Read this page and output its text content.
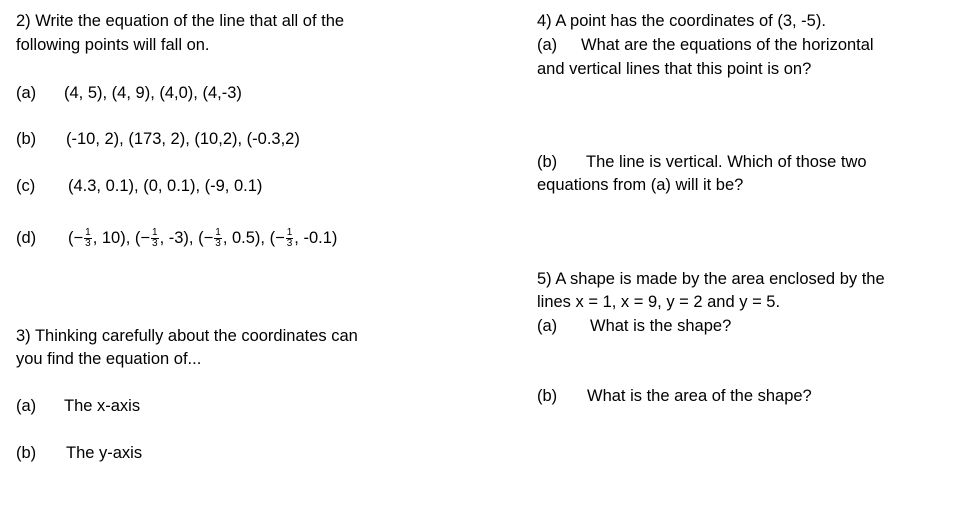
2) Write the equation of the line that all of the
following points will fall on.
(a) (4, 5), (4, 9), (4,0), (4,-3)
(b) (-10, 2), (173, 2), (10,2), (-0.3,2)
(c) (4.3, 0.1), (0, 0.1), (-9, 0.1)
(d) (− $\frac{1}{3}$ , 10), (− $\frac{1}{3}$ , -3), (− $\frac{1}{3}$ , 0.5), (− $\frac{1}{3}$ , -0.1)
3) Thinking carefully about the coordinates can
you find the equation of...
(a) The x-axis
(b) The y-axis
4) A point has the coordinates of (3, -5).
(a) What are the equations of the horizontal
and vertical lines that this point is on?
(b) The line is vertical. Which of those two
equations from (a) will it be?
5) A shape is made by the area enclosed by the
lines x = 1, x = 9, y = 2 and y = 5.
(a) What is the shape?
(b) What is the area of the shape?
